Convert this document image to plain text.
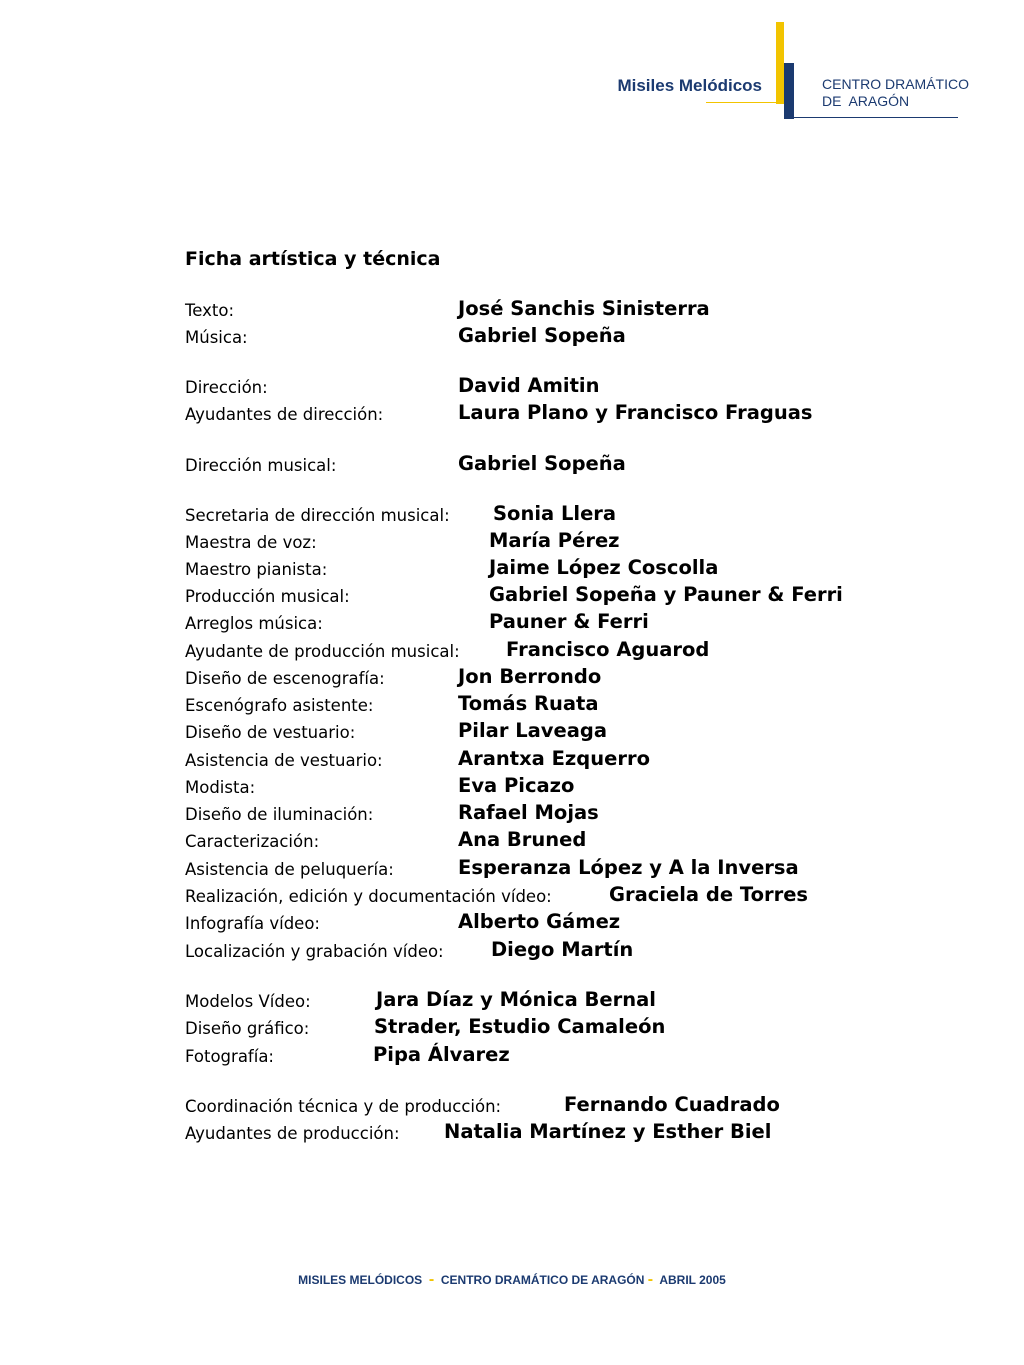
Misiles Melódicos	CENTRO DRAMÁTICO
DE  ARAGÓN
Ficha artística y técnica
Texto:	José Sanchis Sinisterra
Música:	Gabriel Sopeña
Dirección:	David Amitin
Ayudantes de dirección:	Laura Plano y Francisco Fraguas
Dirección musical:	Gabriel Sopeña
Secretaria de dirección musical: Sonia Llera
Maestra de voz:	María Pérez
Maestro pianista:	Jaime López Coscolla
Producción musical:	Gabriel Sopeña y Pauner & Ferri
Arreglos música:	Pauner & Ferri
Ayudante de producción musical: Francisco Aguarod
Diseño de escenografía:	Jon Berrondo
Escenógrafo asistente:	Tomás Ruata
Diseño de vestuario:	Pilar Laveaga
Asistencia de vestuario:	Arantxa Ezquerro
Modista:	Eva Picazo
Diseño de iluminación:	Rafael Mojas
Caracterización:	Ana Bruned
Asistencia de peluquería:	Esperanza López y A la Inversa
Realización, edición y documentación vídeo:	Graciela de Torres
Infografía vídeo:	Alberto Gámez
Localización y grabación vídeo: Diego Martín
Modelos Vídeo:	Jara Díaz y Mónica Bernal
Diseño gráfico:	Strader, Estudio Camaleón
Fotografía:	Pipa Álvarez
Coordinación técnica y de producción:	Fernando Cuadrado
Ayudantes de producción: Natalia Martínez y Esther Biel
MISILES MELÓDICOS - CENTRO DRAMÁTICO DE ARAGÓN - ABRIL 2005
